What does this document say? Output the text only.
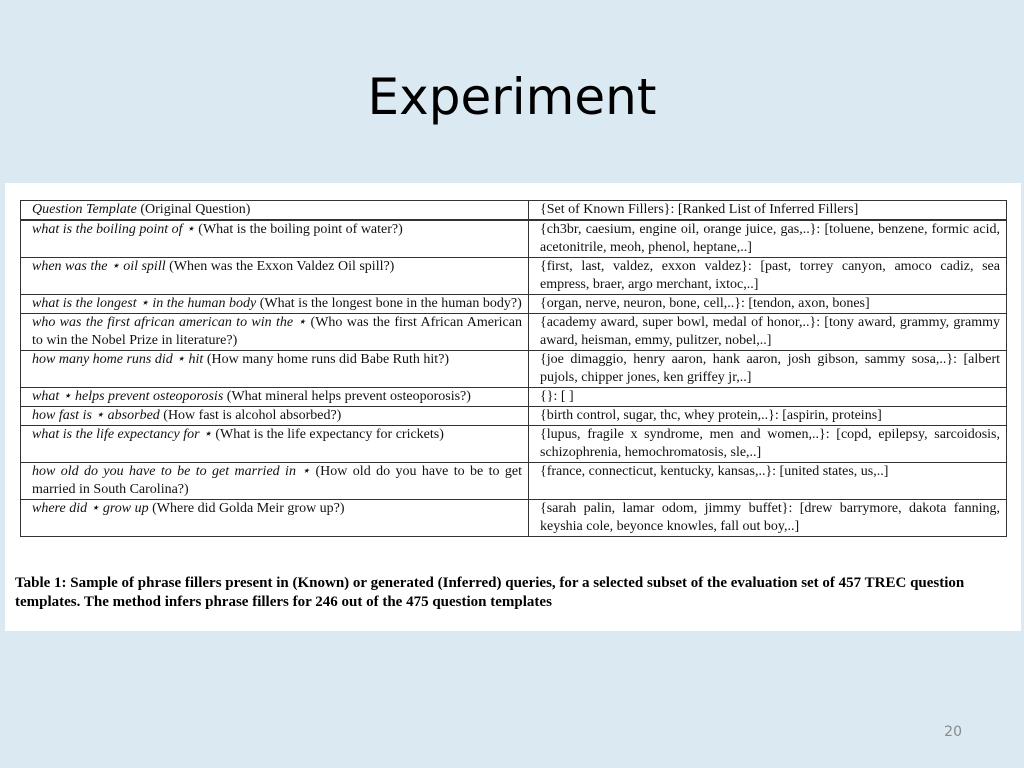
Experiment
Question Template (Original Question)	{Set of Known Fillers}: [Ranked List of Inferred Fillers]

what is the boiling point of ⋆ (What is the boiling point of water?)	{ch3br, caesium, engine oil, orange juice, gas,..}: [toluene, benzene, formic acid, acetonitrile, meoh, phenol, heptane,..]
when was the ⋆ oil spill (When was the Exxon Valdez Oil spill?)	{first, last, valdez, exxon valdez}: [past, torrey canyon, amoco cadiz, sea empress, braer, argo merchant, ixtoc,..]
what is the longest ⋆ in the human body (What is the longest bone in the human body?)	{organ, nerve, neuron, bone, cell,..}: [tendon, axon, bones]
who was the first african american to win the ⋆ (Who was the first African American to win the Nobel Prize in literature?)	{academy award, super bowl, medal of honor,..}: [tony award, grammy, grammy award, heisman, emmy, pulitzer, nobel,..]
how many home runs did ⋆ hit (How many home runs did Babe Ruth hit?)	{joe dimaggio, henry aaron, hank aaron, josh gibson, sammy sosa,..}: [albert pujols, chipper jones, ken griffey jr,..]
what ⋆ helps prevent osteoporosis (What mineral helps prevent osteoporosis?)	{}: [ ]
how fast is ⋆ absorbed (How fast is alcohol absorbed?)	{birth control, sugar, thc, whey protein,..}: [aspirin, proteins]
what is the life expectancy for ⋆ (What is the life expectancy for crickets)	{lupus, fragile x syndrome, men and women,..}: [copd, epilepsy, sarcoidosis, schizophrenia, hemochromatosis, sle,..]
how old do you have to be to get married in ⋆ (How old do you have to be to get married in South Carolina?)	{france, connecticut, kentucky, kansas,..}: [united states, us,..]
where did ⋆ grow up (Where did Golda Meir grow up?)	{sarah palin, lamar odom, jimmy buffet}: [drew barrymore, dakota fanning, keyshia cole, beyonce knowles, fall out boy,..]

Table 1: Sample of phrase fillers present in (Known) or generated (Inferred) queries, for a selected subset of the evaluation set of 457 TREC question templates. The method infers phrase fillers for 246 out of the 475 question templates

20
